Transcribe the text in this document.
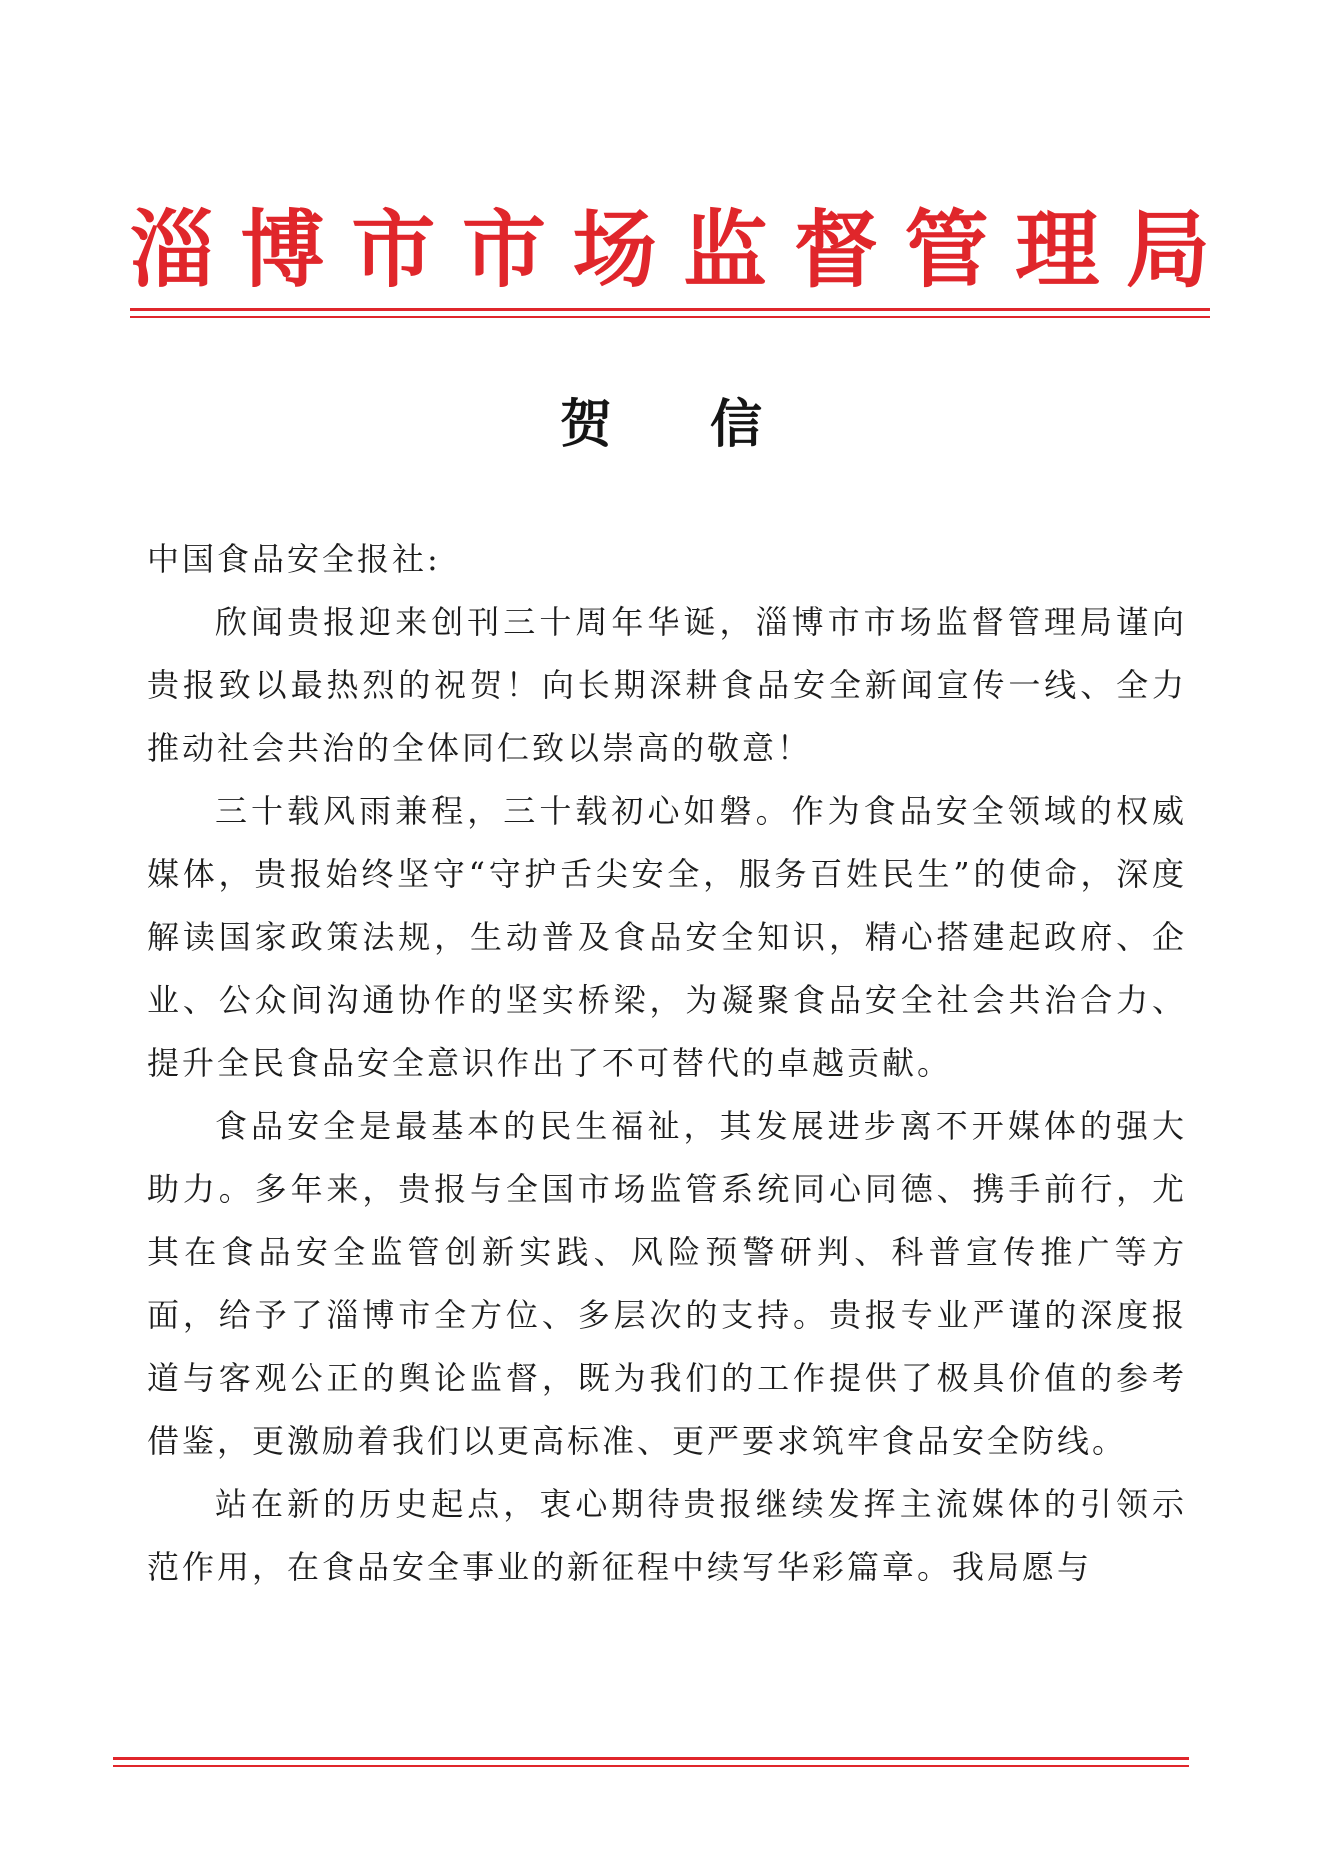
淄 博 市 市 场 监 督 管 理 局
贺 信

中国食品安全报社:

欣闻贵报迎来创刊三十周年华诞，淄博市市场监督管理局谨向贵报致以最热烈的祝贺！向长期深耕食品安全新闻宣传一线、全力推动社会共治的全体同仁致以崇高的敬意！

三十载风雨兼程，三十载初心如磐。作为食品安全领域的权威媒体，贵报始终坚守“守护舌尖安全，服务百姓民生”的使命，深度解读国家政策法规，生动普及食品安全知识，精心搭建起政府、企业、公众间沟通协作的坚实桥梁，为凝聚食品安全社会共治合力、提升全民食品安全意识作出了不可替代的卓越贡献。

食品安全是最基本的民生福祉，其发展进步离不开媒体的强大助力。多年来，贵报与全国市场监管系统同心同德、携手前行，尤其在食品安全监管创新实践、风险预警研判、科普宣传推广等方面，给予了淄博市全方位、多层次的支持。贵报专业严谨的深度报道与客观公正的舆论监督，既为我们的工作提供了极具价值的参考借鉴，更激励着我们以更高标准、更严要求筑牢食品安全防线。

站在新的历史起点，衷心期待贵报继续发挥主流媒体的引领示范作用，在食品安全事业的新征程中续写华彩篇章。我局愿与
